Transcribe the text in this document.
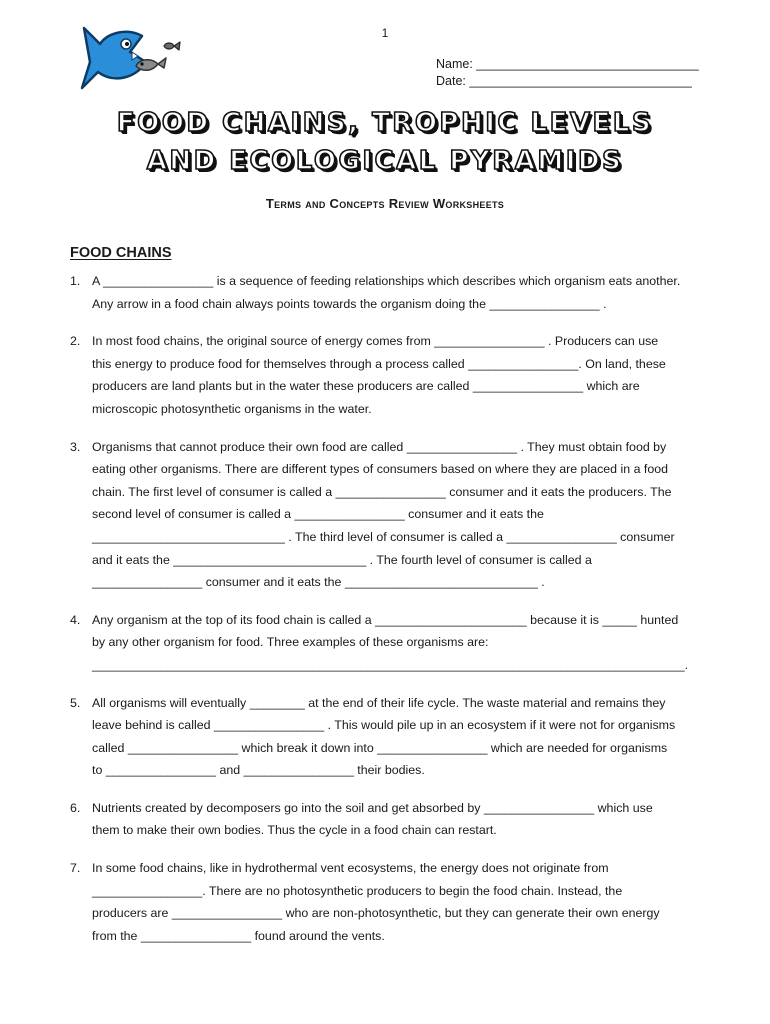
1
Name: ________________________________
Date: ________________________________
FOOD CHAINS, TROPHIC LEVELS
AND ECOLOGICAL PYRAMIDS
Terms and Concepts Review Worksheets
FOOD CHAINS
1. A ________________ is a sequence of feeding relationships which describes which organism eats another.
Any arrow in a food chain always points towards the organism doing the ________________ .
2. In most food chains, the original source of energy comes from ________________ . Producers can use
this energy to produce food for themselves through a process called ________________. On land, these
producers are land plants but in the water these producers are called ________________ which are
microscopic photosynthetic organisms in the water.
3. Organisms that cannot produce their own food are called ________________ . They must obtain food by
eating other organisms. There are different types of consumers based on where they are placed in a food
chain. The first level of consumer is called a ________________ consumer and it eats the producers. The
second level of consumer is called a ________________ consumer and it eats the
____________________________ . The third level of consumer is called a ________________ consumer
and it eats the ____________________________ . The fourth level of consumer is called a
________________ consumer and it eats the ____________________________ .
4. Any organism at the top of its food chain is called a ______________________ because it is _____ hunted
by any other organism for food. Three examples of these organisms are:
______________________________________________________________________________________.
5. All organisms will eventually ________ at the end of their life cycle. The waste material and remains they
leave behind is called ________________ . This would pile up in an ecosystem if it were not for organisms
called ________________ which break it down into ________________ which are needed for organisms
to ________________ and ________________ their bodies.
6. Nutrients created by decomposers go into the soil and get absorbed by ________________ which use
them to make their own bodies. Thus the cycle in a food chain can restart.
7. In some food chains, like in hydrothermal vent ecosystems, the energy does not originate from
________________. There are no photosynthetic producers to begin the food chain. Instead, the
producers are ________________ who are non-photosynthetic, but they can generate their own energy
from the ________________ found around the vents.
